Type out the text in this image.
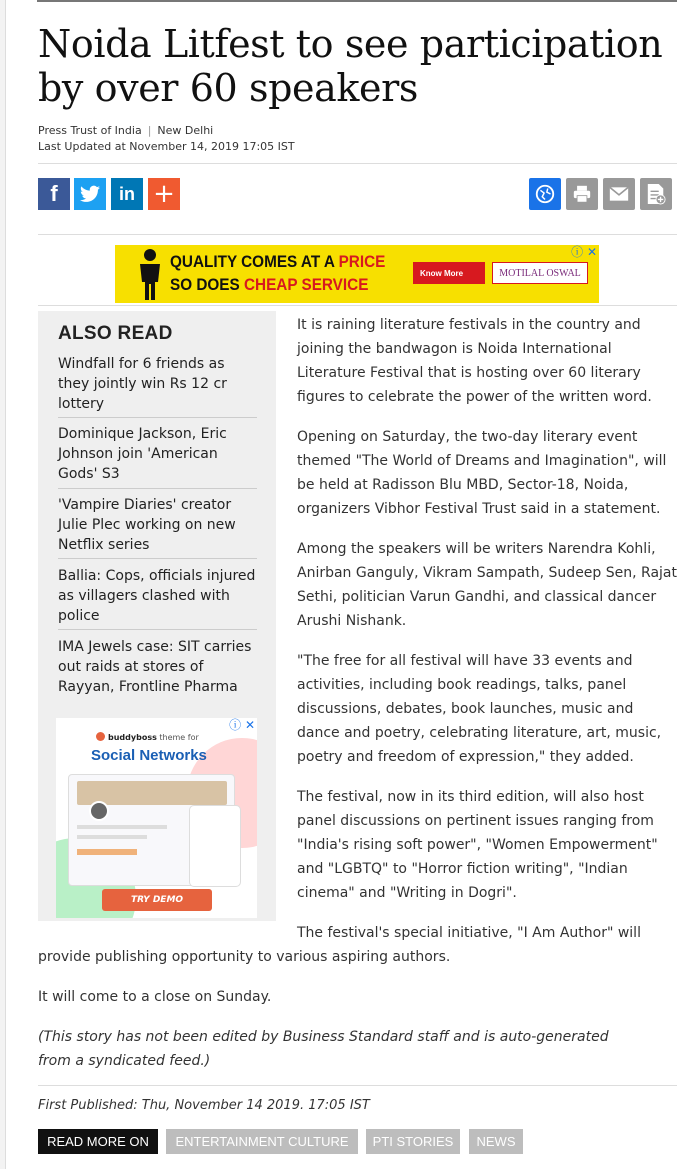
Noida Litfest to see participation by over 60 speakers
Press Trust of India | New Delhi
Last Updated at November 14, 2019 17:05 IST
f	in +
QUALITY COMES AT A PRICE
SO DOES CHEAP SERVICE
Know More	MOTILAL OSWAL
ⓘ ✕
ALSO READ
Windfall for 6 friends as they jointly win Rs 12 cr lottery
Dominique Jackson, Eric Johnson join 'American Gods' S3
'Vampire Diaries' creator Julie Plec working on new Netflix series
Ballia: Cops, officials injured as villagers clashed with police
IMA Jewels case: SIT carries out raids at stores of Rayyan, Frontline Pharma
ⓘ ✕
buddyboss theme for
Social Networks
TRY DEMO
It is raining literature festivals in the country and joining the bandwagon is Noida International Literature Festival that is hosting over 60 literary figures to celebrate the power of the written word.
Opening on Saturday, the two-day literary event themed "The World of Dreams and Imagination", will be held at Radisson Blu MBD, Sector-18, Noida, organizers Vibhor Festival Trust said in a statement.
Among the speakers will be writers Narendra Kohli, Anirban Ganguly, Vikram Sampath, Sudeep Sen, Rajat Sethi, politician Varun Gandhi, and classical dancer Arushi Nishank.
"The free for all festival will have 33 events and activities, including book readings, talks, panel discussions, debates, book launches, music and dance and poetry, celebrating literature, art, music, poetry and freedom of expression," they added.
The festival, now in its third edition, will also host panel discussions on pertinent issues ranging from "India's rising soft power", "Women Empowerment" and "LGBTQ" to "Horror fiction writing", "Indian cinema" and "Writing in Dogri".
The festival's special initiative, "I Am Author" will
provide publishing opportunity to various aspiring authors.
It will come to a close on Sunday.
(This story has not been edited by Business Standard staff and is auto-generated from a syndicated feed.)
First Published: Thu, November 14 2019. 17:05 IST
READ MORE ON	ENTERTAINMENT CULTURE	PTI STORIES	NEWS
